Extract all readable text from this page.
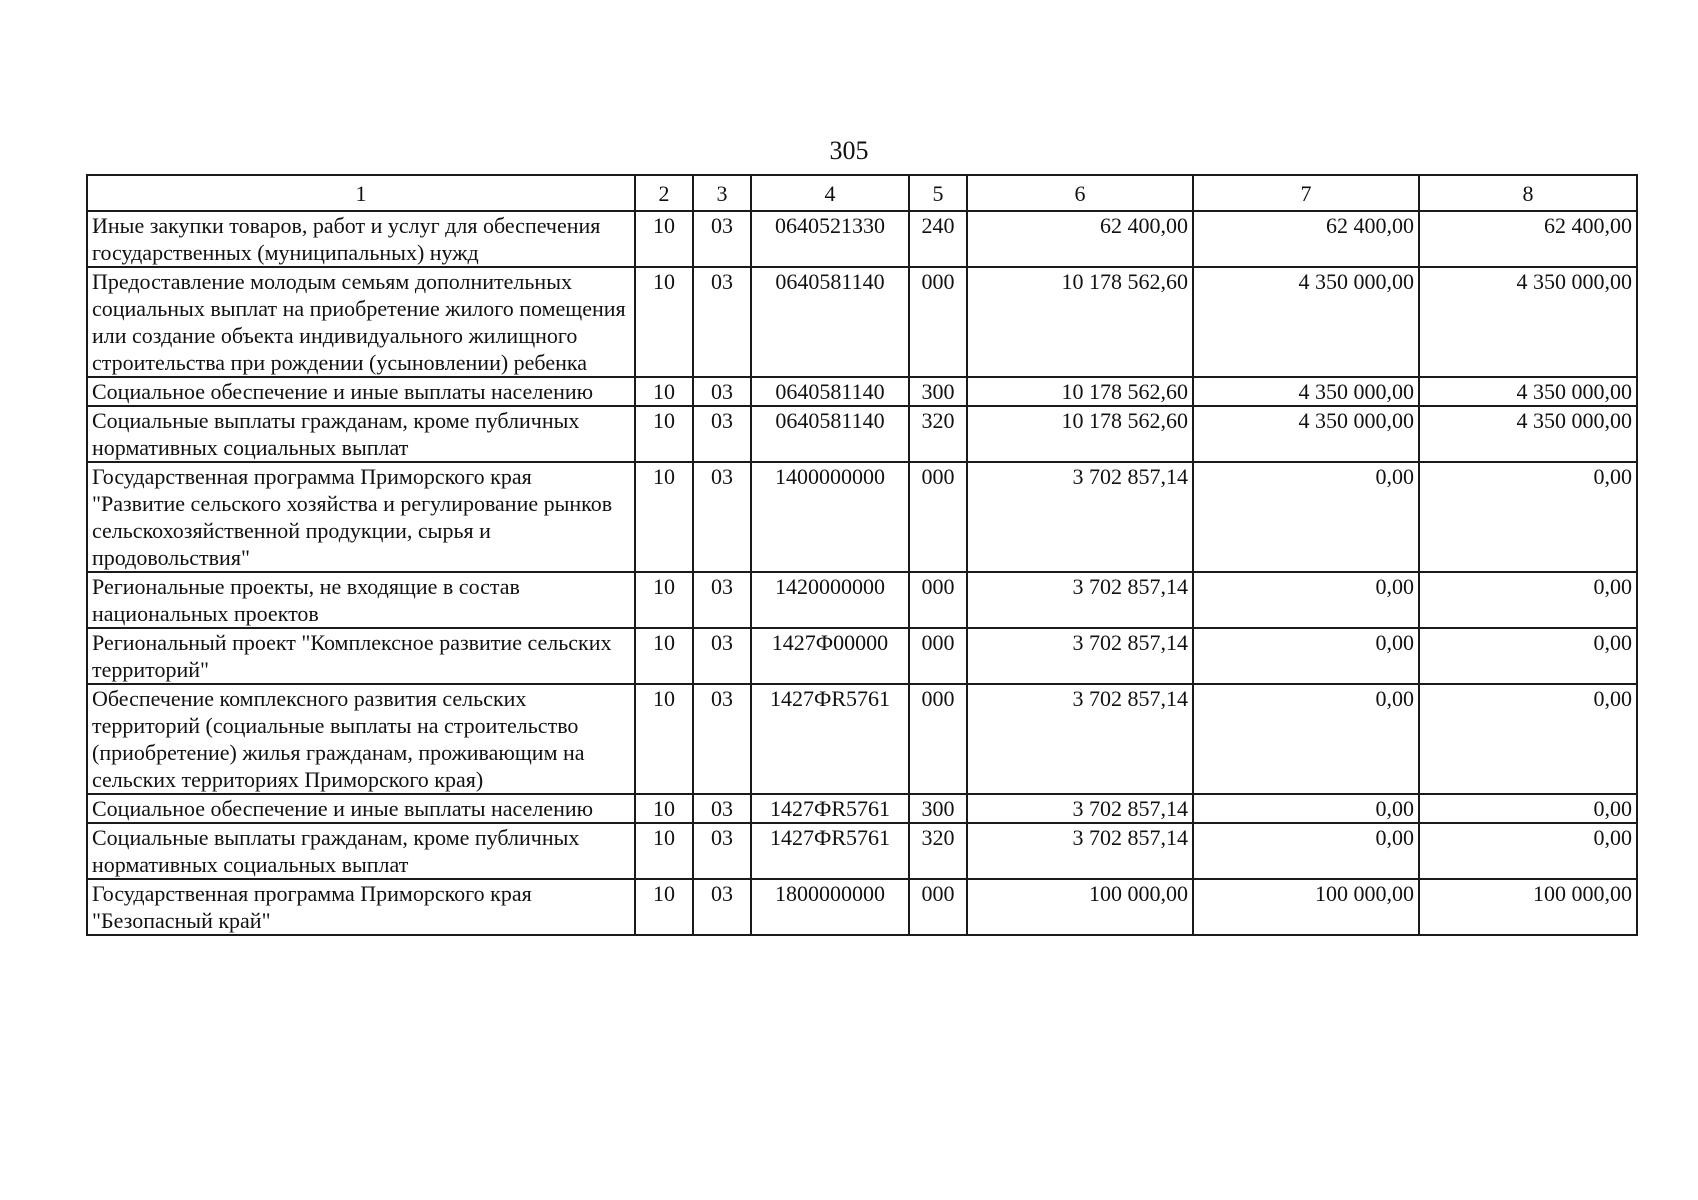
305
1	2	3	4	5	6	7	8
Иные закупки товаров, работ и услуг для обеспечения государственных (муниципальных) нужд	10	03	0640521330	240	62 400,00	62 400,00	62 400,00
Предоставление молодым семьям дополнительных социальных выплат на приобретение жилого помещения или создание объекта индивидуального жилищного строительства при рождении (усыновлении) ребенка	10	03	0640581140	000	10 178 562,60	4 350 000,00	4 350 000,00
Социальное обеспечение и иные выплаты населению	10	03	0640581140	300	10 178 562,60	4 350 000,00	4 350 000,00
Социальные выплаты гражданам, кроме публичных нормативных социальных выплат	10	03	0640581140	320	10 178 562,60	4 350 000,00	4 350 000,00
Государственная программа Приморского края "Развитие сельского хозяйства и регулирование рынков сельскохозяйственной продукции, сырья и продовольствия"	10	03	1400000000	000	3 702 857,14	0,00	0,00
Региональные проекты, не входящие в состав национальных проектов	10	03	1420000000	000	3 702 857,14	0,00	0,00
Региональный проект "Комплексное развитие сельских территорий"	10	03	1427Ф00000	000	3 702 857,14	0,00	0,00
Обеспечение комплексного развития сельских территорий (социальные выплаты на строительство (приобретение) жилья гражданам, проживающим на сельских территориях Приморского края)	10	03	1427ФR5761	000	3 702 857,14	0,00	0,00
Социальное обеспечение и иные выплаты населению	10	03	1427ФR5761	300	3 702 857,14	0,00	0,00
Социальные выплаты гражданам, кроме публичных нормативных социальных выплат	10	03	1427ФR5761	320	3 702 857,14	0,00	0,00
Государственная программа Приморского края "Безопасный край"	10	03	1800000000	000	100 000,00	100 000,00	100 000,00
